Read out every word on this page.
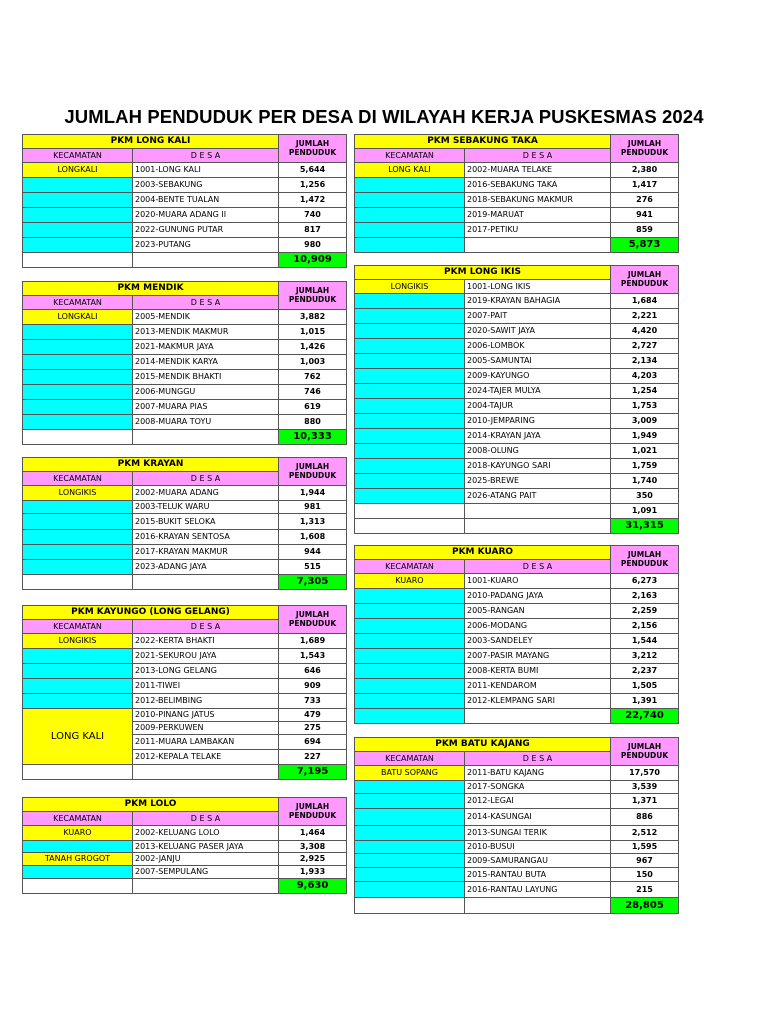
JUMLAH PENDUDUK PER DESA DI WILAYAH KERJA PUSKESMAS 2024
PKM LONG KALI		JUMLAH PENDUDUK
KECAMATAN	D E S A	
LONGKALI	1001-LONG KALI	5,644
	2003-SEBAKUNG	1,256
	2004-BENTE TUALAN	1,472
	2020-MUARA ADANG II	740
	2022-GUNUNG PUTAR	817
	2023-PUTANG	980
		10,909
PKM MENDIK		JUMLAH PENDUDUK
KECAMATAN	D E S A	
LONGKALI	2005-MENDIK	3,882
	2013-MENDIK MAKMUR	1,015
	2021-MAKMUR JAYA	1,426
	2014-MENDIK KARYA	1,003
	2015-MENDIK BHAKTI	762
	2006-MUNGGU	746
	2007-MUARA PIAS	619
	2008-MUARA TOYU	880
		10,333
PKM KRAYAN		JUMLAH PENDUDUK
KECAMATAN	D E S A	
LONGIKIS	2002-MUARA ADANG	1,944
	2003-TELUK WARU	981
	2015-BUKIT SELOKA	1,313
	2016-KRAYAN SENTOSA	1,608
	2017-KRAYAN MAKMUR	944
	2023-ADANG JAYA	515
		7,305
PKM KAYUNGO (LONG GELANG)		JUMLAH PENDUDUK
KECAMATAN	D E S A	
LONGIKIS	2022-KERTA BHAKTI	1,689
	2021-SEKUROU JAYA	1,543
	2013-LONG GELANG	646
	2011-TIWEI	909
	2012-BELIMBING	733
LONG KALI	2010-PINANG JATUS	479
	2009-PERKUWEN	275
	2011-MUARA LAMBAKAN	694
	2012-KEPALA TELAKE	227
		7,195
PKM LOLO		JUMLAH PENDUDUK
KECAMATAN	D E S A	
KUARO	2002-KELUANG LOLO	1,464
	2013-KELUANG PASER JAYA	3,308
TANAH GROGOT	2002-JANJU	2,925
	2007-SEMPULANG	1,933
		9,630
PKM SEBAKUNG TAKA		JUMLAH PENDUDUK
KECAMATAN	D E S A	
LONG KALI	2002-MUARA TELAKE	2,380
	2016-SEBAKUNG TAKA	1,417
	2018-SEBAKUNG MAKMUR	276
	2019-MARUAT	941
	2017-PETIKU	859
		5,873
PKM LONG IKIS		JUMLAH PENDUDUK
LONGIKIS	1001-LONG IKIS	
	2019-KRAYAN BAHAGIA	1,684
	2007-PAIT	2,221
	2020-SAWIT JAYA	4,420
	2006-LOMBOK	2,727
	2005-SAMUNTAI	2,134
	2009-KAYUNGO	4,203
	2024-TAJER MULYA	1,254
	2004-TAJUR	1,753
	2010-JEMPARING	3,009
	2014-KRAYAN JAYA	1,949
	2008-OLUNG	1,021
	2018-KAYUNGO SARI	1,759
	2025-BREWE	1,740
	2026-ATANG PAIT	350
		1,091
		31,315
PKM KUARO		JUMLAH PENDUDUK
KECAMATAN	D E S A	
KUARO	1001-KUARO	6,273
	2010-PADANG JAYA	2,163
	2005-RANGAN	2,259
	2006-MODANG	2,156
	2003-SANDELEY	1,544
	2007-PASIR MAYANG	3,212
	2008-KERTA BUMI	2,237
	2011-KENDAROM	1,505
	2012-KLEMPANG SARI	1,391
		22,740
PKM BATU KAJANG		JUMLAH PENDUDUK
KECAMATAN	D E S A	
BATU SOPANG	2011-BATU KAJANG	17,570
	2017-SONGKA	3,539
	2012-LEGAI	1,371
	2014-KASUNGAI	886
	2013-SUNGAI TERIK	2,512
	2010-BUSUI	1,595
	2009-SAMURANGAU	967
	2015-RANTAU BUTA	150
	2016-RANTAU LAYUNG	215
		28,805
